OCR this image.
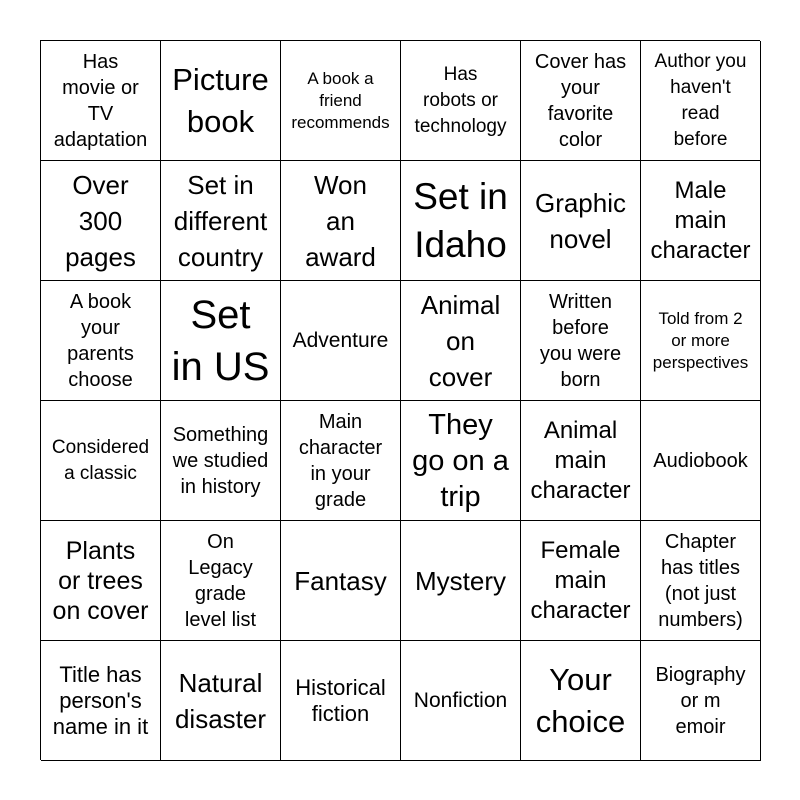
Has
movie or
TV
adaptation
Picture
book
A book a
friend
recommends
Has
robots or
technology
Cover has
your
favorite
color
Author you
haven't
read
before
Over
300
pages
Set in
different
country
Won
an
award
Set in
Idaho
Graphic
novel
Male
main
character
A book
your
parents
choose
Set
in US
Adventure
Animal
on
cover
Written
before
you were
born
Told from 2
or more
perspectives
Considered
a classic
Something
we studied
in history
Main
character
in your
grade
They
go on a
trip
Animal
main
character
Audiobook
Plants
or trees
on cover
On
Legacy
grade
level list
Fantasy	Mystery
Female
main
character
Chapter
has titles
(not just
numbers)
Title has
person's
name in it
Natural
disaster
Historical
fiction
Nonfiction
Your
choice
Biography
or m
emoir
